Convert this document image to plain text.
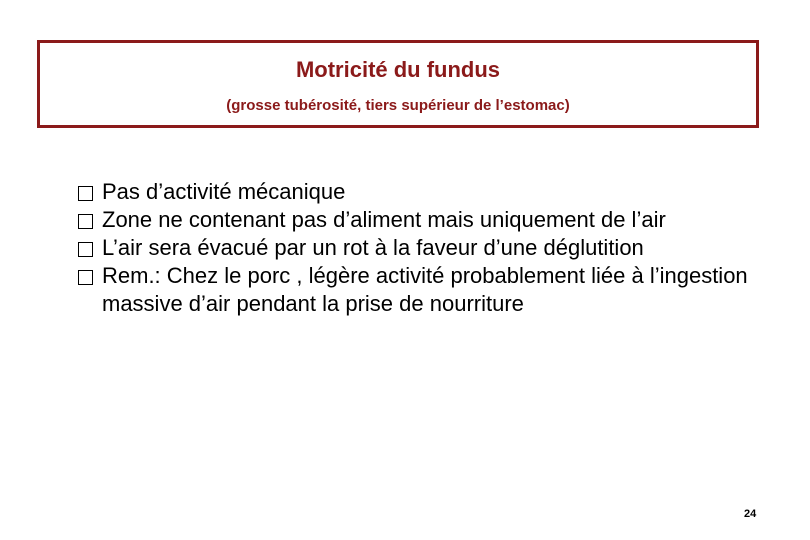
Motricité du fundus
(grosse tubérosité, tiers supérieur de l’estomac)
Pas d’activité mécanique
Zone ne contenant pas d’aliment mais uniquement de l’air
L’air sera évacué par un rot à la faveur d’une déglutition
Rem.: Chez le porc , légère activité probablement liée à l’ingestion massive d’air pendant la prise de nourriture
24
